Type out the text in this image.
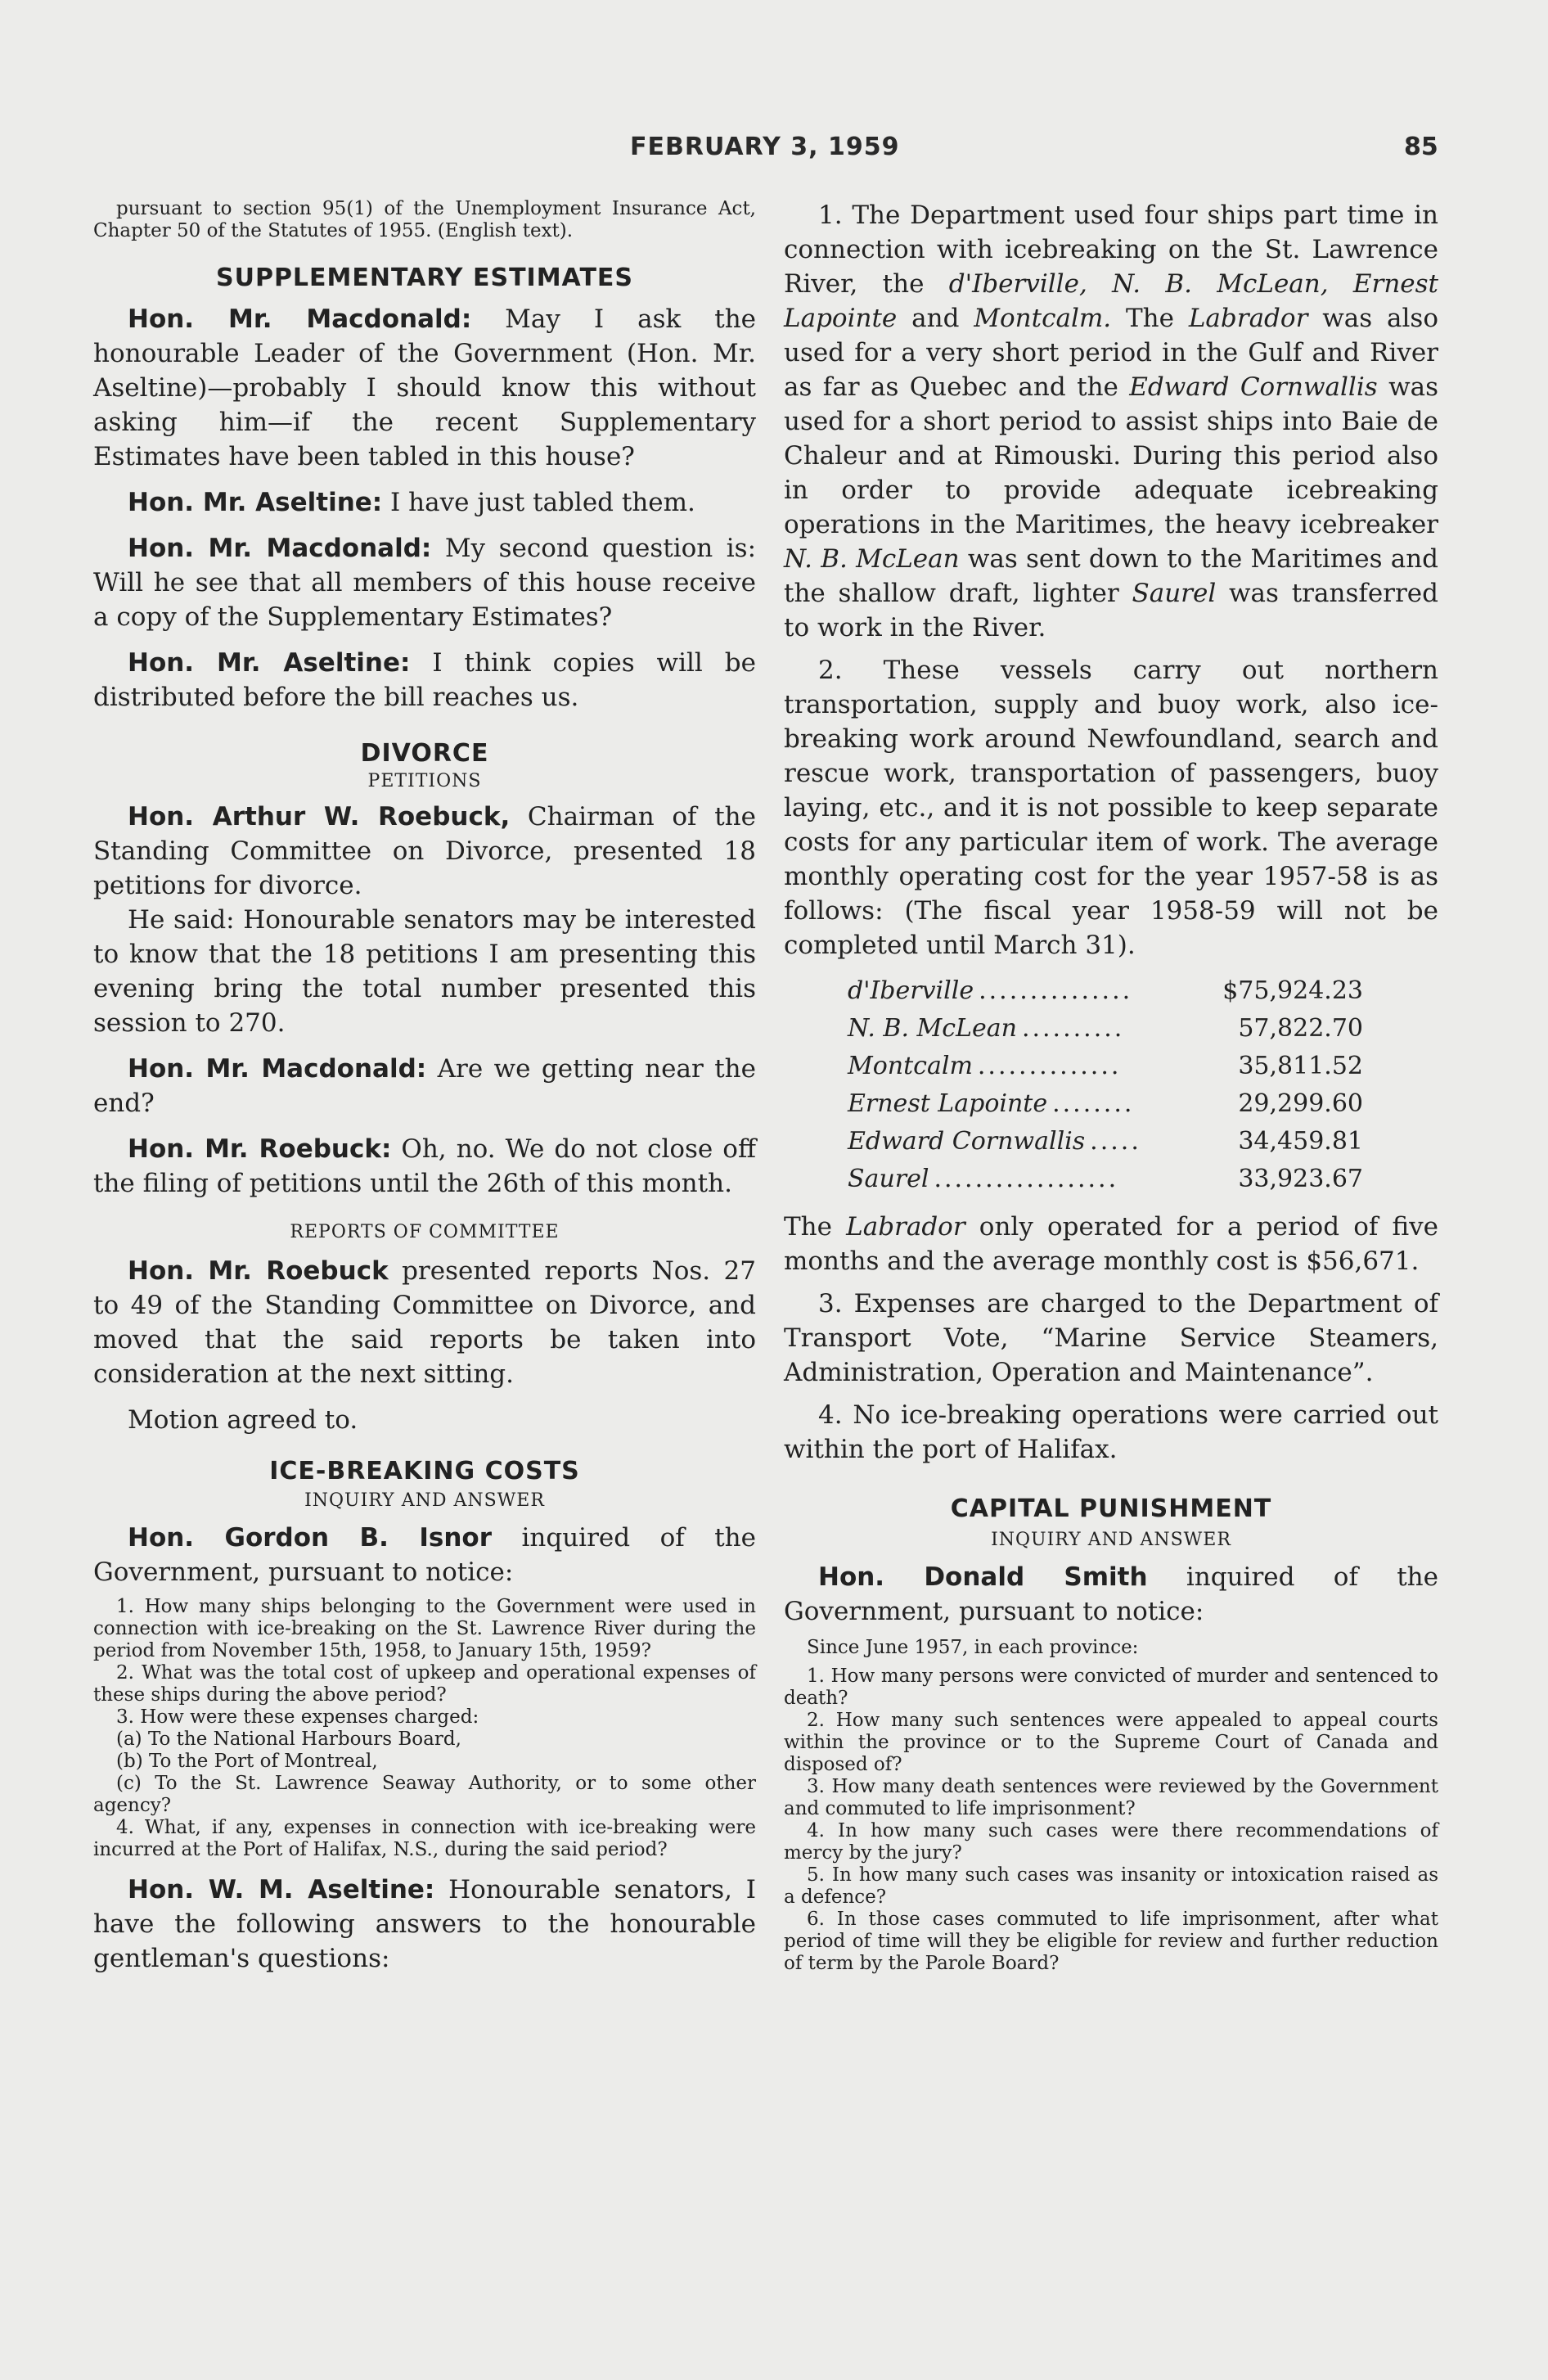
FEBRUARY 3, 1959	85

pursuant to section 95(1) of the Unemployment Insurance Act, Chapter 50 of the Statutes of 1955. (English text).

SUPPLEMENTARY ESTIMATES

Hon. Mr. Macdonald: May I ask the honourable Leader of the Government (Hon. Mr. Aseltine)—probably I should know this without asking him—if the recent Supplementary Estimates have been tabled in this house?

Hon. Mr. Aseltine: I have just tabled them.

Hon. Mr. Macdonald: My second question is: Will he see that all members of this house receive a copy of the Supplementary Estimates?

Hon. Mr. Aseltine: I think copies will be distributed before the bill reaches us.

DIVORCE

PETITIONS

Hon. Arthur W. Roebuck, Chairman of the Standing Committee on Divorce, presented 18 petitions for divorce.

He said: Honourable senators may be interested to know that the 18 petitions I am presenting this evening bring the total number presented this session to 270.

Hon. Mr. Macdonald: Are we getting near the end?

Hon. Mr. Roebuck: Oh, no. We do not close off the filing of petitions until the 26th of this month.

REPORTS OF COMMITTEE

Hon. Mr. Roebuck presented reports Nos. 27 to 49 of the Standing Committee on Divorce, and moved that the said reports be taken into consideration at the next sitting.

Motion agreed to.

ICE-BREAKING COSTS

INQUIRY AND ANSWER

Hon. Gordon B. Isnor inquired of the Government, pursuant to notice:

1. How many ships belonging to the Government were used in connection with ice-breaking on the St. Lawrence River during the period from November 15th, 1958, to January 15th, 1959?

2. What was the total cost of upkeep and operational expenses of these ships during the above period?

3. How were these expenses charged:

(a) To the National Harbours Board,

(b) To the Port of Montreal,

(c) To the St. Lawrence Seaway Authority, or to some other agency?

4. What, if any, expenses in connection with ice-breaking were incurred at the Port of Halifax, N.S., during the said period?

Hon. W. M. Aseltine: Honourable senators, I have the following answers to the honourable gentleman's questions:

1. The Department used four ships part time in connection with icebreaking on the St. Lawrence River, the d'Iberville, N. B. McLean, Ernest Lapointe and Montcalm. The Labrador was also used for a very short period in the Gulf and River as far as Quebec and the Edward Cornwallis was used for a short period to assist ships into Baie de Chaleur and at Rimouski. During this period also in order to provide adequate icebreaking operations in the Maritimes, the heavy icebreaker N. B. McLean was sent down to the Maritimes and the shallow draft, lighter Saurel was transferred to work in the River.

2. These vessels carry out northern transportation, supply and buoy work, also ice-breaking work around Newfoundland, search and rescue work, transportation of passengers, buoy laying, etc., and it is not possible to keep separate costs for any particular item of work. The average monthly operating cost for the year 1957-58 is as follows: (The fiscal year 1958-59 will not be completed until March 31).

d'Iberville ...............	$75,924.23
N. B. McLean ..........	57,822.70
Montcalm ..............	35,811.52
Ernest Lapointe ........	29,299.60
Edward Cornwallis .....	34,459.81
Saurel ..................	33,923.67

The Labrador only operated for a period of five months and the average monthly cost is $56,671.

3. Expenses are charged to the Department of Transport Vote, “Marine Service Steamers, Administration, Operation and Maintenance”.

4. No ice-breaking operations were carried out within the port of Halifax.

CAPITAL PUNISHMENT

INQUIRY AND ANSWER

Hon. Donald Smith inquired of the Government, pursuant to notice:

Since June 1957, in each province:

1. How many persons were convicted of murder and sentenced to death?

2. How many such sentences were appealed to appeal courts within the province or to the Supreme Court of Canada and disposed of?

3. How many death sentences were reviewed by the Government and commuted to life imprisonment?

4. In how many such cases were there recommendations of mercy by the jury?

5. In how many such cases was insanity or intoxication raised as a defence?

6. In those cases commuted to life imprisonment, after what period of time will they be eligible for review and further reduction of term by the Parole Board?
